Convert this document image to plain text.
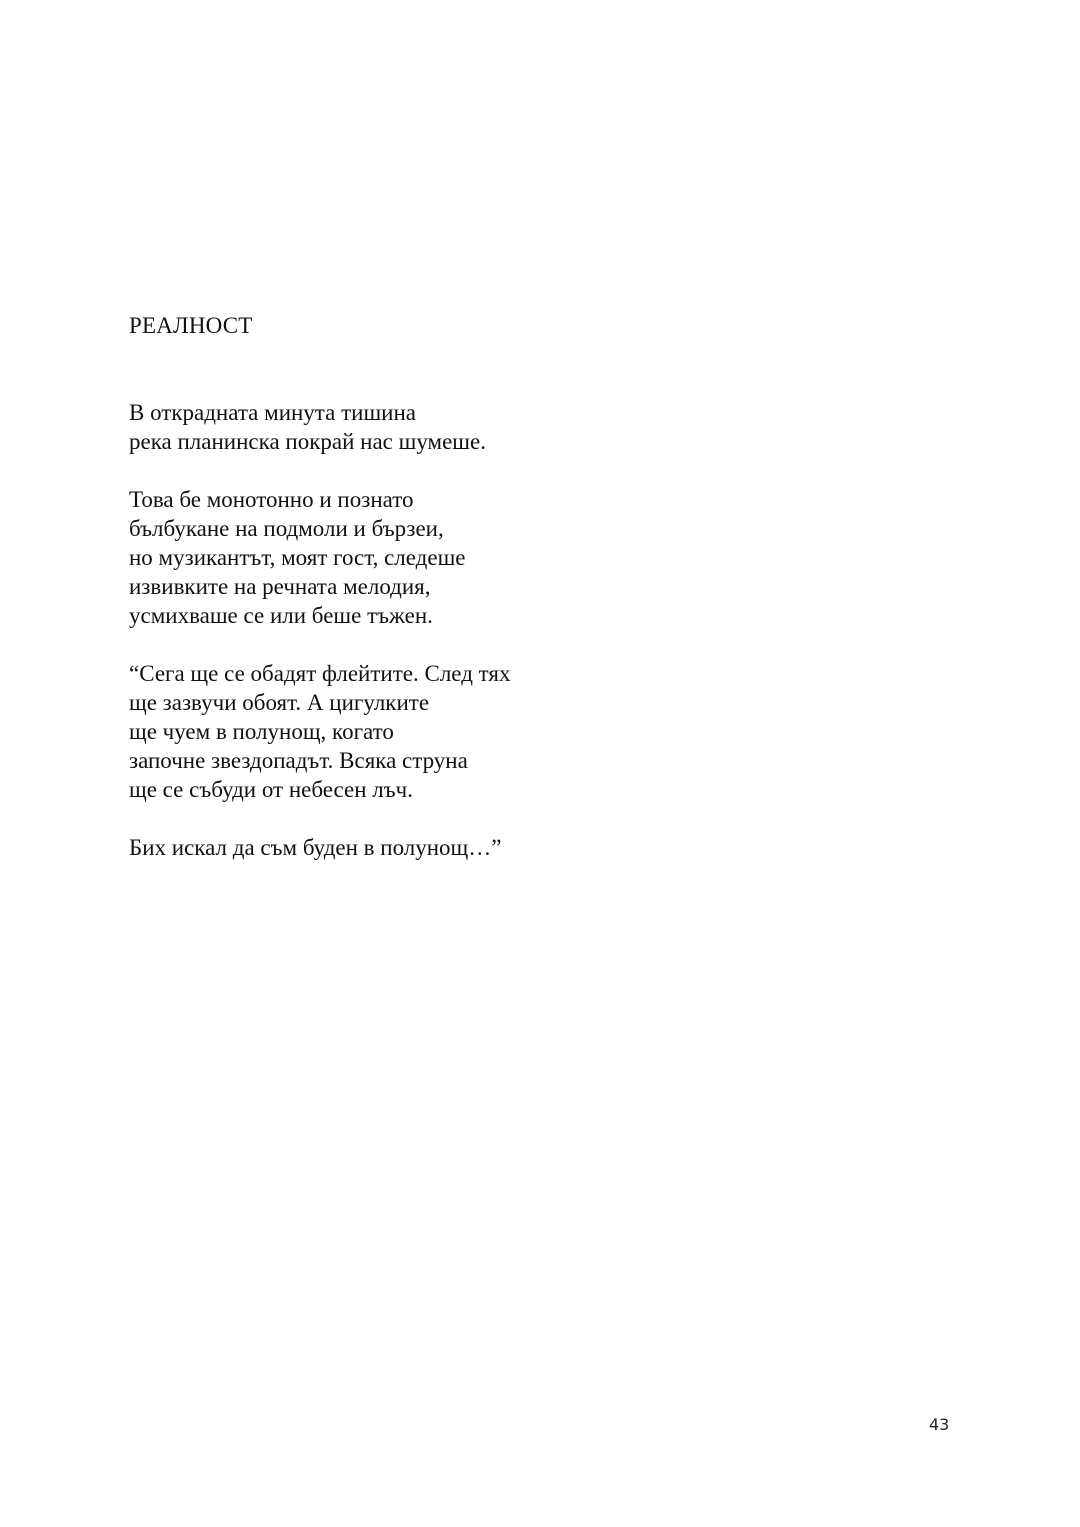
РЕАЛНОСТ
В открадната минута тишина
река планинска покрай нас шумеше.
Това бе монотонно и познато
бълбукане на подмоли и бързеи,
но музикантът, моят гост, следеше
извивките на речната мелодия,
усмихваше се или беше тъжен.
“Сега ще се обадят флейтите. След тях
ще зазвучи обоят. А цигулките
ще чуем в полунощ, когато
започне звездопадът. Всяка струна
ще се събуди от небесен лъч.
Бих искал да съм буден в полунощ…”
43
